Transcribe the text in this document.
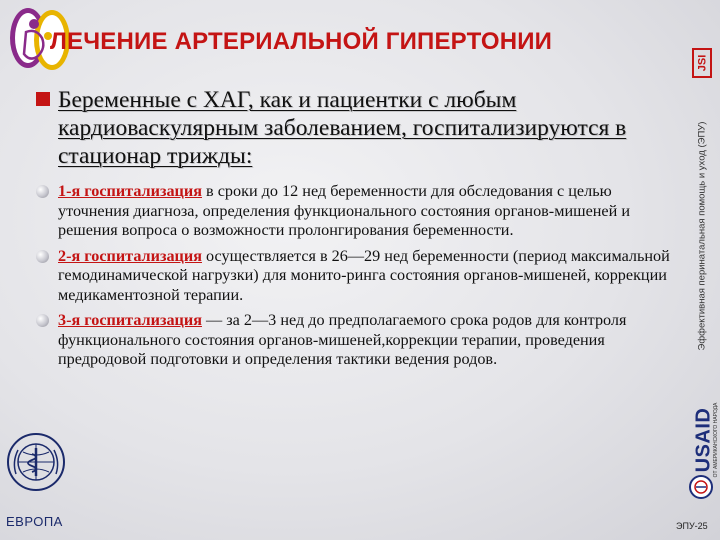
ЛЕЧЕНИЕ АРТЕРИАЛЬНОЙ ГИПЕРТОНИИ
JSI
Эффективная перинатальная помощь и уход (ЭПУ)
USAID
ОТ АМЕРИКАНСКОГО НАРОДА
Беременные с ХАГ, как и пациентки с любым кардиоваскулярным заболеванием, госпитализируются в стационар трижды:
1-я госпитализация в сроки до 12 нед беременности для обследования с целью уточнения диагноза, определения функционального состояния органов-мишеней и решения вопроса о возможности пролонгирования беременности.
2-я госпитализация осуществляется в 26—29 нед беременности (период максимальной гемодинамической нагрузки) для монито-ринга состояния органов-мишеней, коррекции медикаментозной терапии.
3-я госпитализация — за 2—3 нед до предполагаемого срока родов для контроля функционального состояния органов-мишеней,коррекции терапии, проведения предродовой подготовки и определения тактики ведения родов.
ЕВРОПА	ЭПУ-25
